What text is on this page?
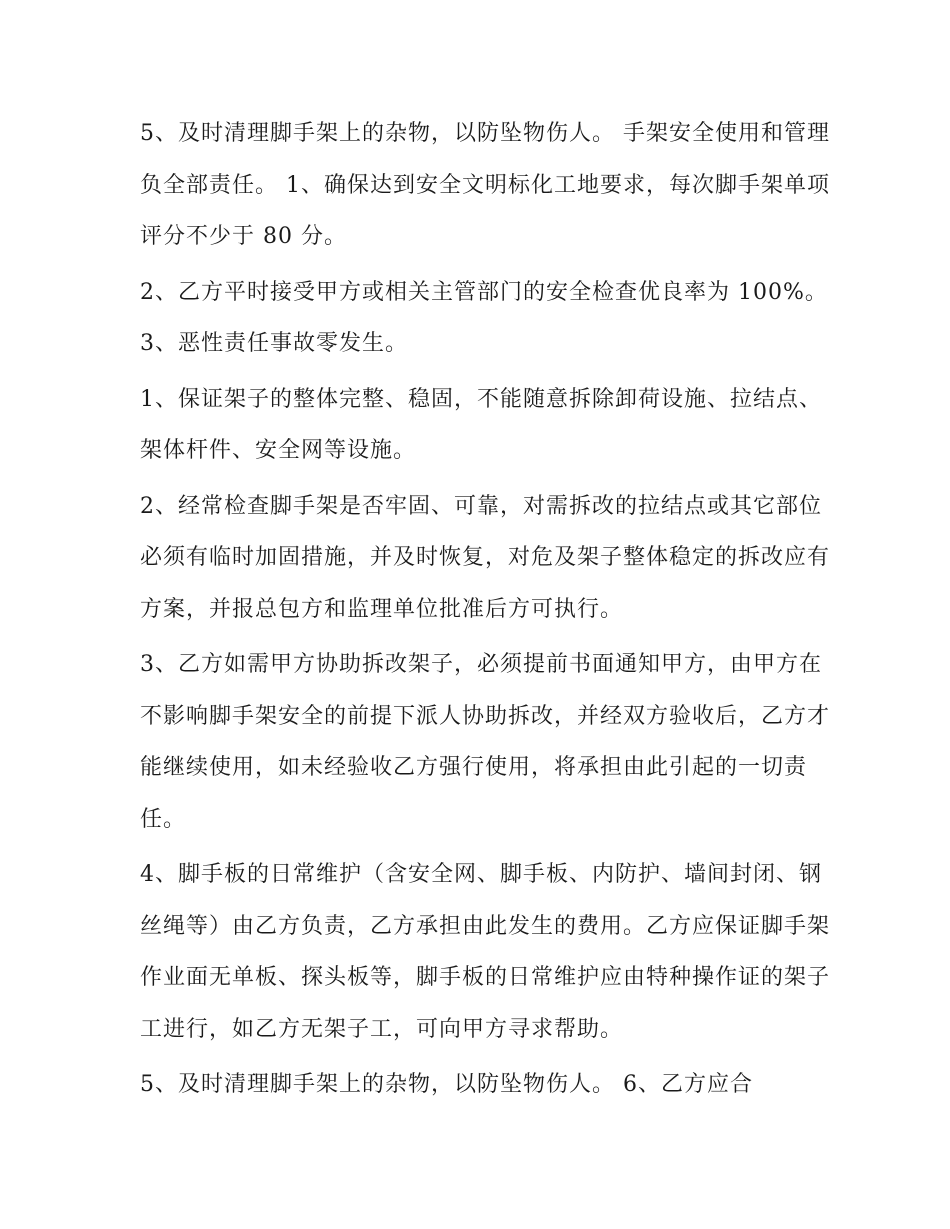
5、及时清理脚手架上的杂物，以防坠物伤人。 手架安全使用和管理负全部责任。 1、确保达到安全文明标化工地要求，每次脚手架单项评分不少于 80 分。

2、乙方平时接受甲方或相关主管部门的安全检查优良率为 100%。 3、恶性责任事故零发生。

1、保证架子的整体完整、稳固，不能随意拆除卸荷设施、拉结点、架体杆件、安全网等设施。

2、经常检查脚手架是否牢固、可靠，对需拆改的拉结点或其它部位必须有临时加固措施，并及时恢复，对危及架子整体稳定的拆改应有方案，并报总包方和监理单位批准后方可执行。

3、乙方如需甲方协助拆改架子，必须提前书面通知甲方，由甲方在不影响脚手架安全的前提下派人协助拆改，并经双方验收后，乙方才能继续使用，如未经验收乙方强行使用，将承担由此引起的一切责任。

4、脚手板的日常维护（含安全网、脚手板、内防护、墙间封闭、钢丝绳等）由乙方负责，乙方承担由此发生的费用。乙方应保证脚手架作业面无单板、探头板等，脚手板的日常维护应由特种操作证的架子工进行，如乙方无架子工，可向甲方寻求帮助。

5、及时清理脚手架上的杂物，以防坠物伤人。 6、乙方应合
